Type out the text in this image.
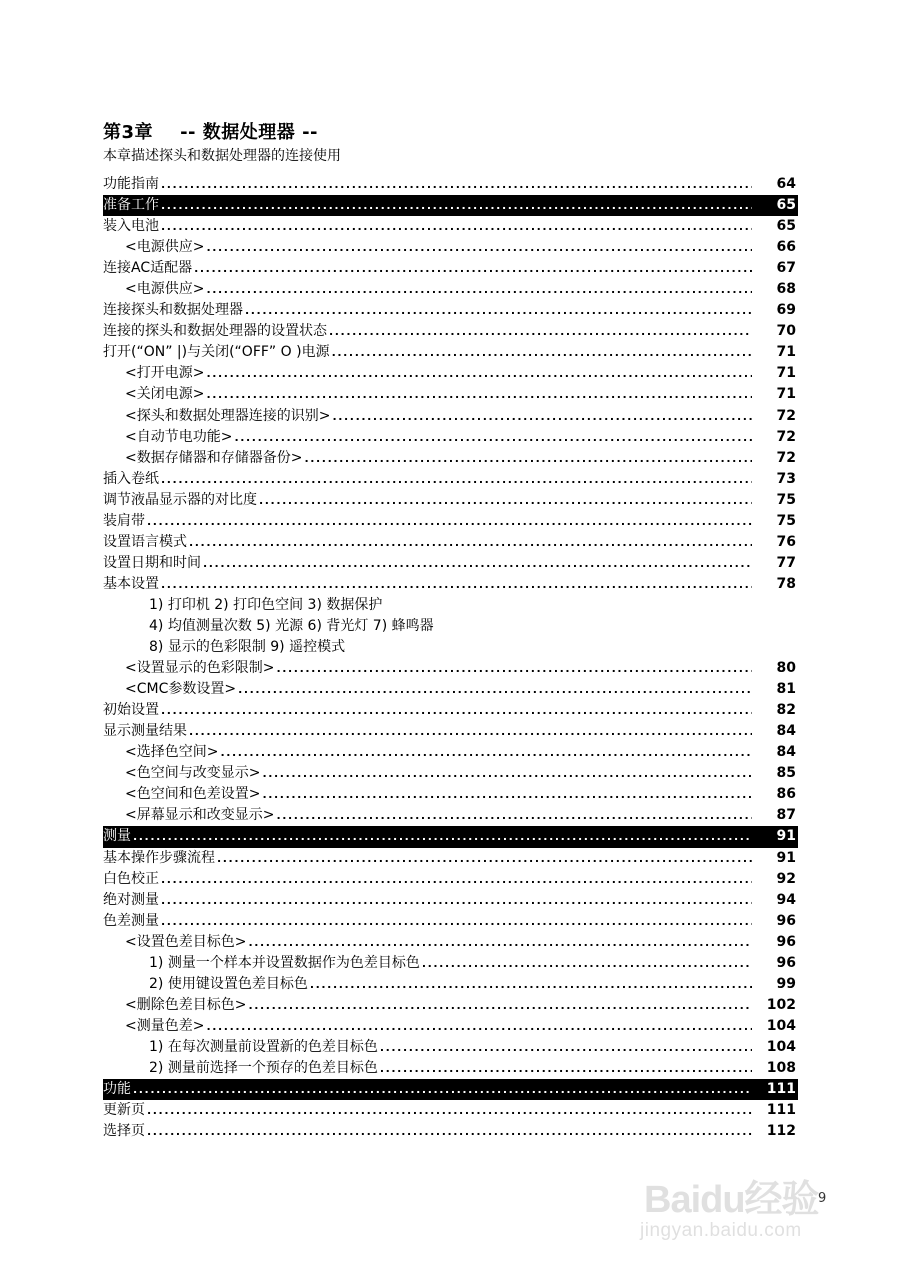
第3章    -- 数据处理器 --
本章描述探头和数据处理器的连接使用
功能指南 .....	64
准备工作 .....	65
装入电池 .....	65
<电源供应> .....	66
连接AC适配器 .....	67
<电源供应> .....	68
连接探头和数据处理器 .....	69
连接的探头和数据处理器的设置状态 .....	70
打开(“ON” |)与关闭(“OFF” O )电源 .....	71
<打开电源> .....	71
<关闭电源> .....	71
<探头和数据处理器连接的识别> .....	72
<自动节电功能> .....	72
<数据存储器和存储器备份> .....	72
插入卷纸 .....	73
调节液晶显示器的对比度 .....	75
装肩带 .....	75
设置语言模式 .....	76
设置日期和时间 .....	77
基本设置 .....	78
1) 打印机 2) 打印色空间 3) 数据保护
4) 均值测量次数 5) 光源 6) 背光灯 7) 蜂鸣器
8) 显示的色彩限制 9) 遥控模式
<设置显示的色彩限制> .....	80
<CMC参数设置> .....	81
初始设置 .....	82
显示测量结果 .....	84
<选择色空间> .....	84
<色空间与改变显示> .....	85
<色空间和色差设置> .....	86
<屏幕显示和改变显示> .....	87
测量 .....	91
基本操作步骤流程 .....	91
白色校正 .....	92
绝对测量 .....	94
色差测量 .....	96
<设置色差目标色> .....	96
1) 测量一个样本并设置数据作为色差目标色 .....	96
2) 使用键设置色差目标色 .....	99
<删除色差目标色> .....	102
<测量色差> .....	104
1) 在每次测量前设置新的色差目标色 .....	104
2) 测量前选择一个预存的色差目标色 .....	108
功能 .....	111
更新页 .....	111
选择页 .....	112
Baidu经验
jingyan.baidu.com
9
